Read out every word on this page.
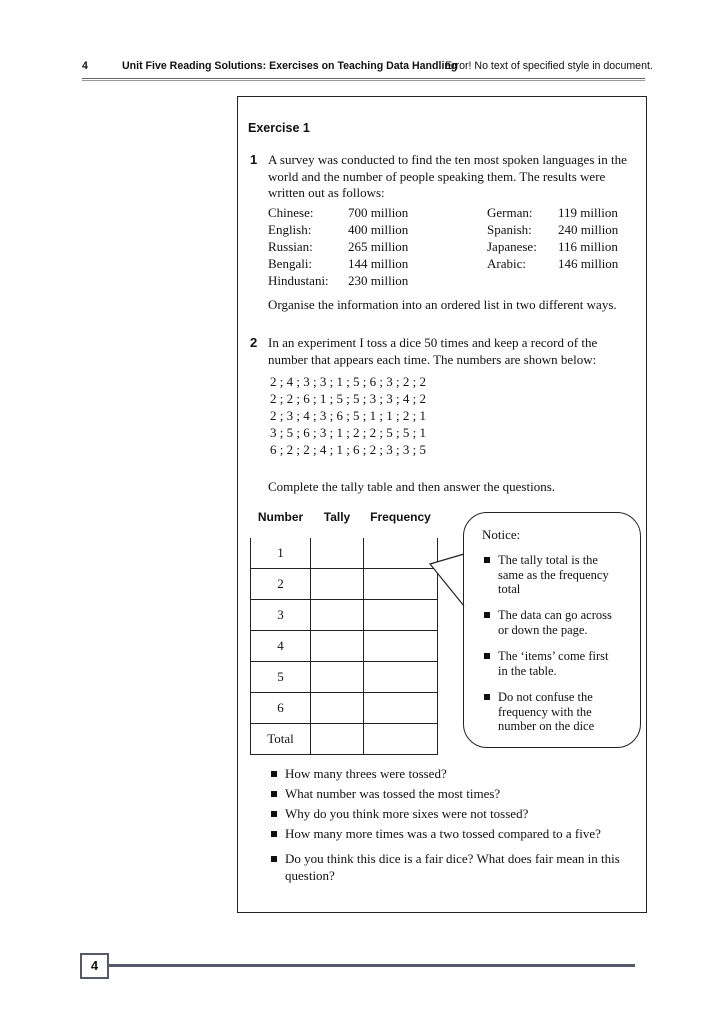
4	Unit Five Reading Solutions: Exercises on Teaching Data Handling
Error! No text of specified style in document.
Exercise 1
1 A survey was conducted to find the ten most spoken languages in the
world and the number of people speaking them. The results were
written out as follows:
Chinese:	700 million
English:	400 million
Russian:	265 million
Bengali:	144 million
Hindustani: 230 million
German: 119 million
Spanish: 240 million
Japanese: 116 million
Arabic: 146 million
Organise the information into an ordered list in two different ways.
2 In an experiment I toss a dice 50 times and keep a record of the
number that appears each time. The numbers are shown below:
2 ; 4 ; 3 ; 3 ; 1 ; 5 ; 6 ; 3 ; 2 ; 2
2 ; 2 ; 6 ; 1 ; 5 ; 5 ; 3 ; 3 ; 4 ; 2
2 ; 3 ; 4 ; 3 ; 6 ; 5 ; 1 ; 1 ; 2 ; 1
3 ; 5 ; 6 ; 3 ; 1 ; 2 ; 2 ; 5 ; 5 ; 1
6 ; 2 ; 2 ; 4 ; 1 ; 6 ; 2 ; 3 ; 3 ; 5
Complete the tally table and then answer the questions.
Number	Tally	Frequency
1		
2		
3		
4		
5		
6		
Total		
Notice:
The tally total is the
same as the frequency
total
The data can go across
or down the page.
The ‘items’ come first
in the table.
Do not confuse the
frequency with the
number on the dice
How many threes were tossed?
What number was tossed the most times?
Why do you think more sixes were not tossed?
How many more times was a two tossed compared to a five?
Do you think this dice is a fair dice? What does fair mean in this
question?
4
